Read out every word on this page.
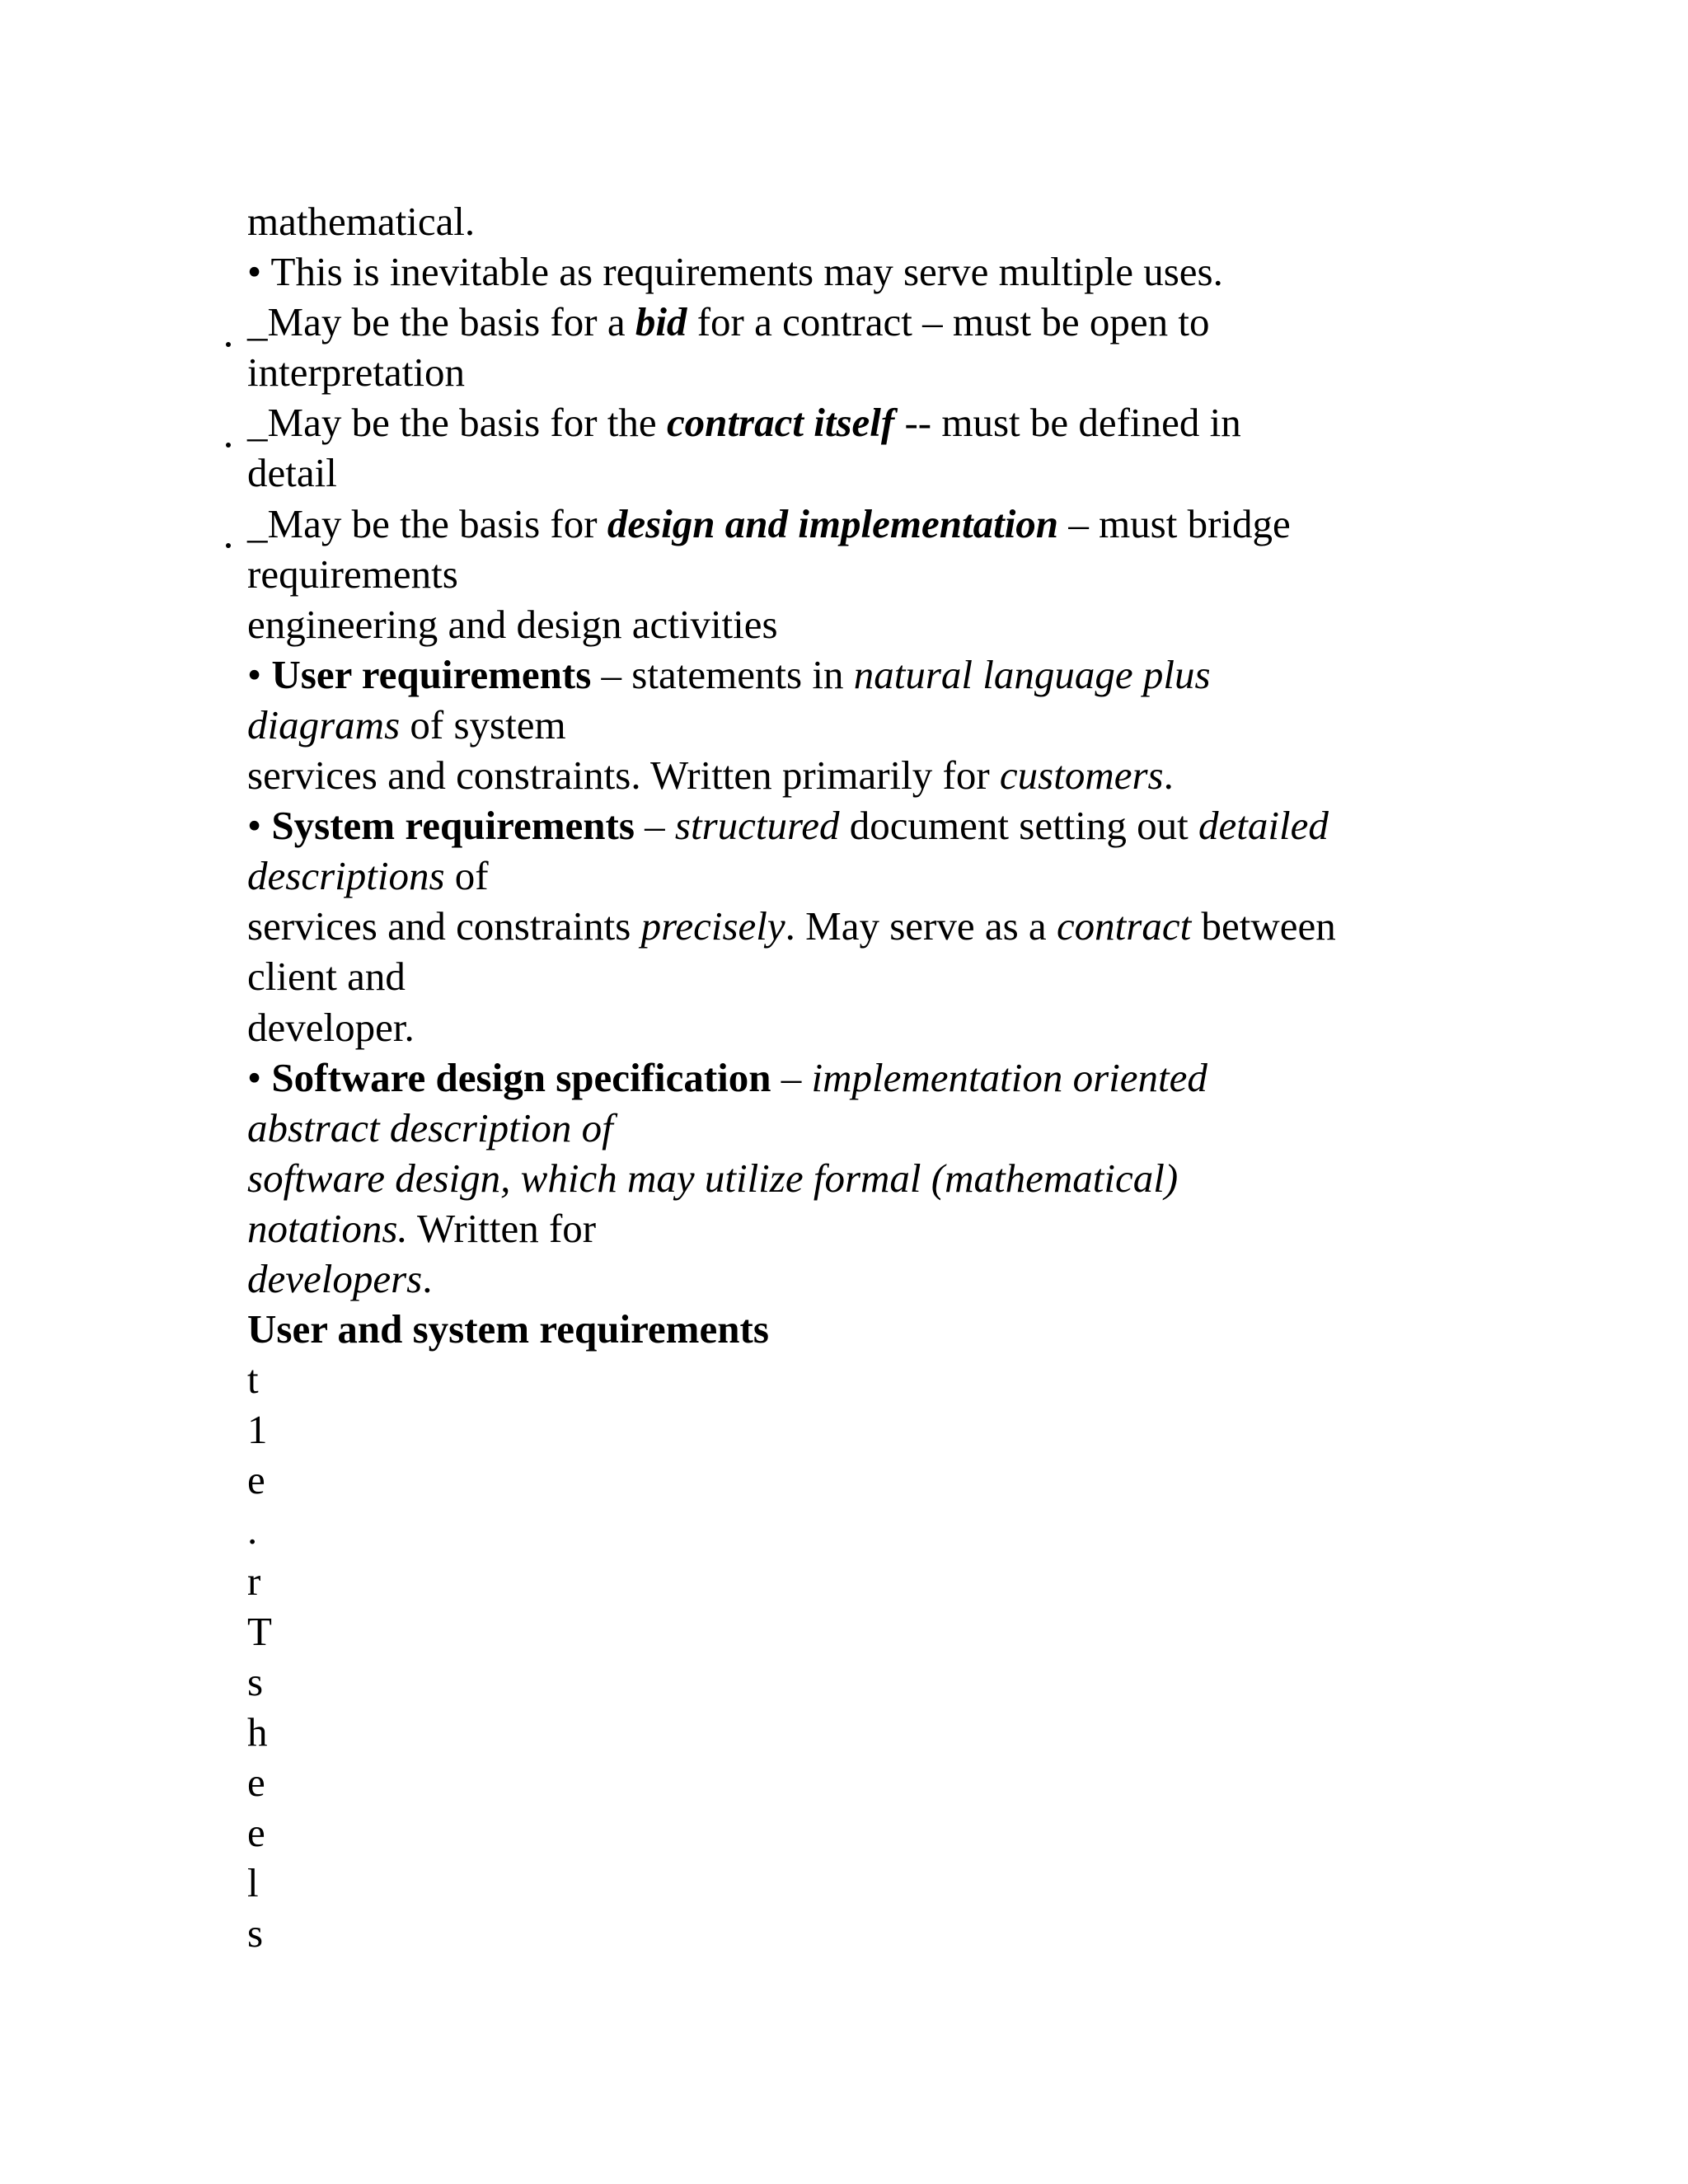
mathematical.
• This is inevitable as requirements may serve multiple uses.
_May be the basis for a bid for a contract – must be open to
interpretation
_May be the basis for the contract itself -- must be defined in
detail
_May be the basis for design and implementation – must bridge
requirements
engineering and design activities
• User requirements – statements in natural language plus
diagrams of system
services and constraints. Written primarily for customers.
• System requirements – structured document setting out detailed
descriptions of
services and constraints precisely. May serve as a contract between
client and
developer.
• Software design specification – implementation oriented
abstract description of
software design, which may utilize formal (mathematical)
notations. Written for
developers.
User and system requirements
t
1
e
.
r
T
s
h
e
e
l
s
